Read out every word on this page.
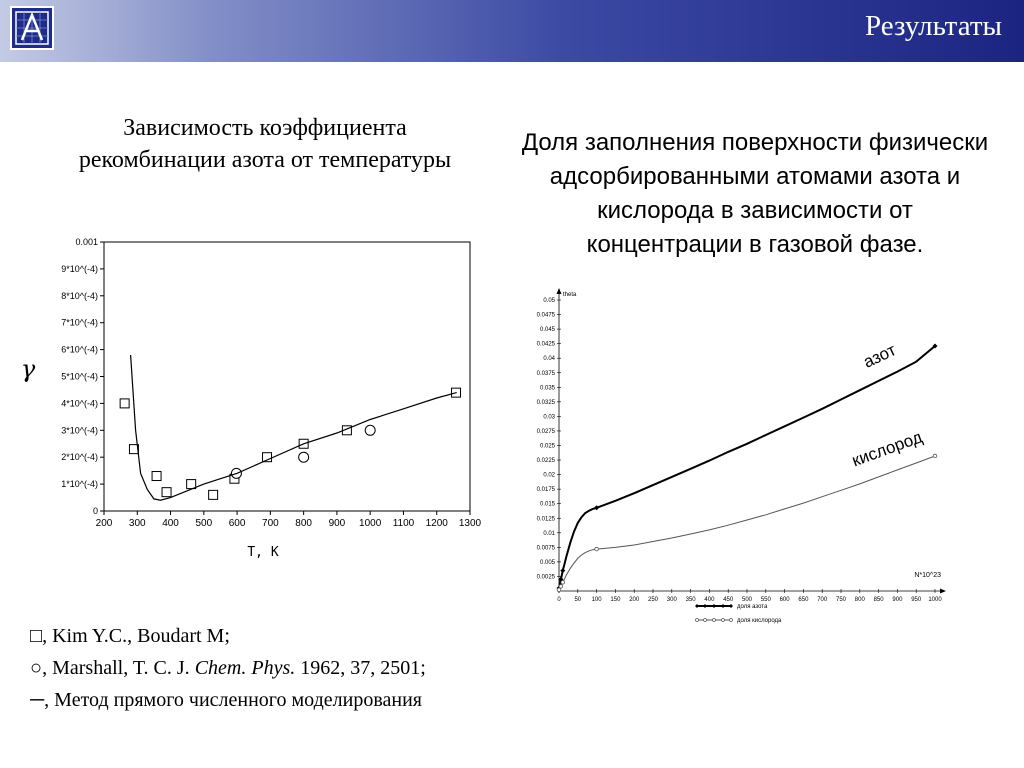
Результаты
Зависимость коэффициента рекомбинации азота от температуры
Доля заполнения поверхности физически адсорбированными атомами азота и кислорода в зависимости от концентрации в газовой фазе.
200 300 400 500 600 700 800 900 1000 1100 1200 1300
0
1*10^(-4)
2*10^(-4)
3*10^(-4)
4*10^(-4)
5*10^(-4)
6*10^(-4)
7*10^(-4)
8*10^(-4)
9*10^(-4)
0.001
T, K
γ
theta
N*10^23
0.0025
0.005
0.0075
0.01
0.0125
0.015
0.0175
0.02
0.0225
0.025
0.0275
0.03
0.0325
0.035
0.0375
0.04
0.0425
0.045
0.0475
0.05
0 50 100 150 200 250 300 350 400 450 500 550 600 650 700 750 800 850 900 950 1000
азот
кислород
доля азота
доля кислорода
□, Kim Y.C., Boudart M;
○, Marshall, T. C. J. Chem. Phys. 1962, 37, 2501;
─, Метод прямого численного моделирования
